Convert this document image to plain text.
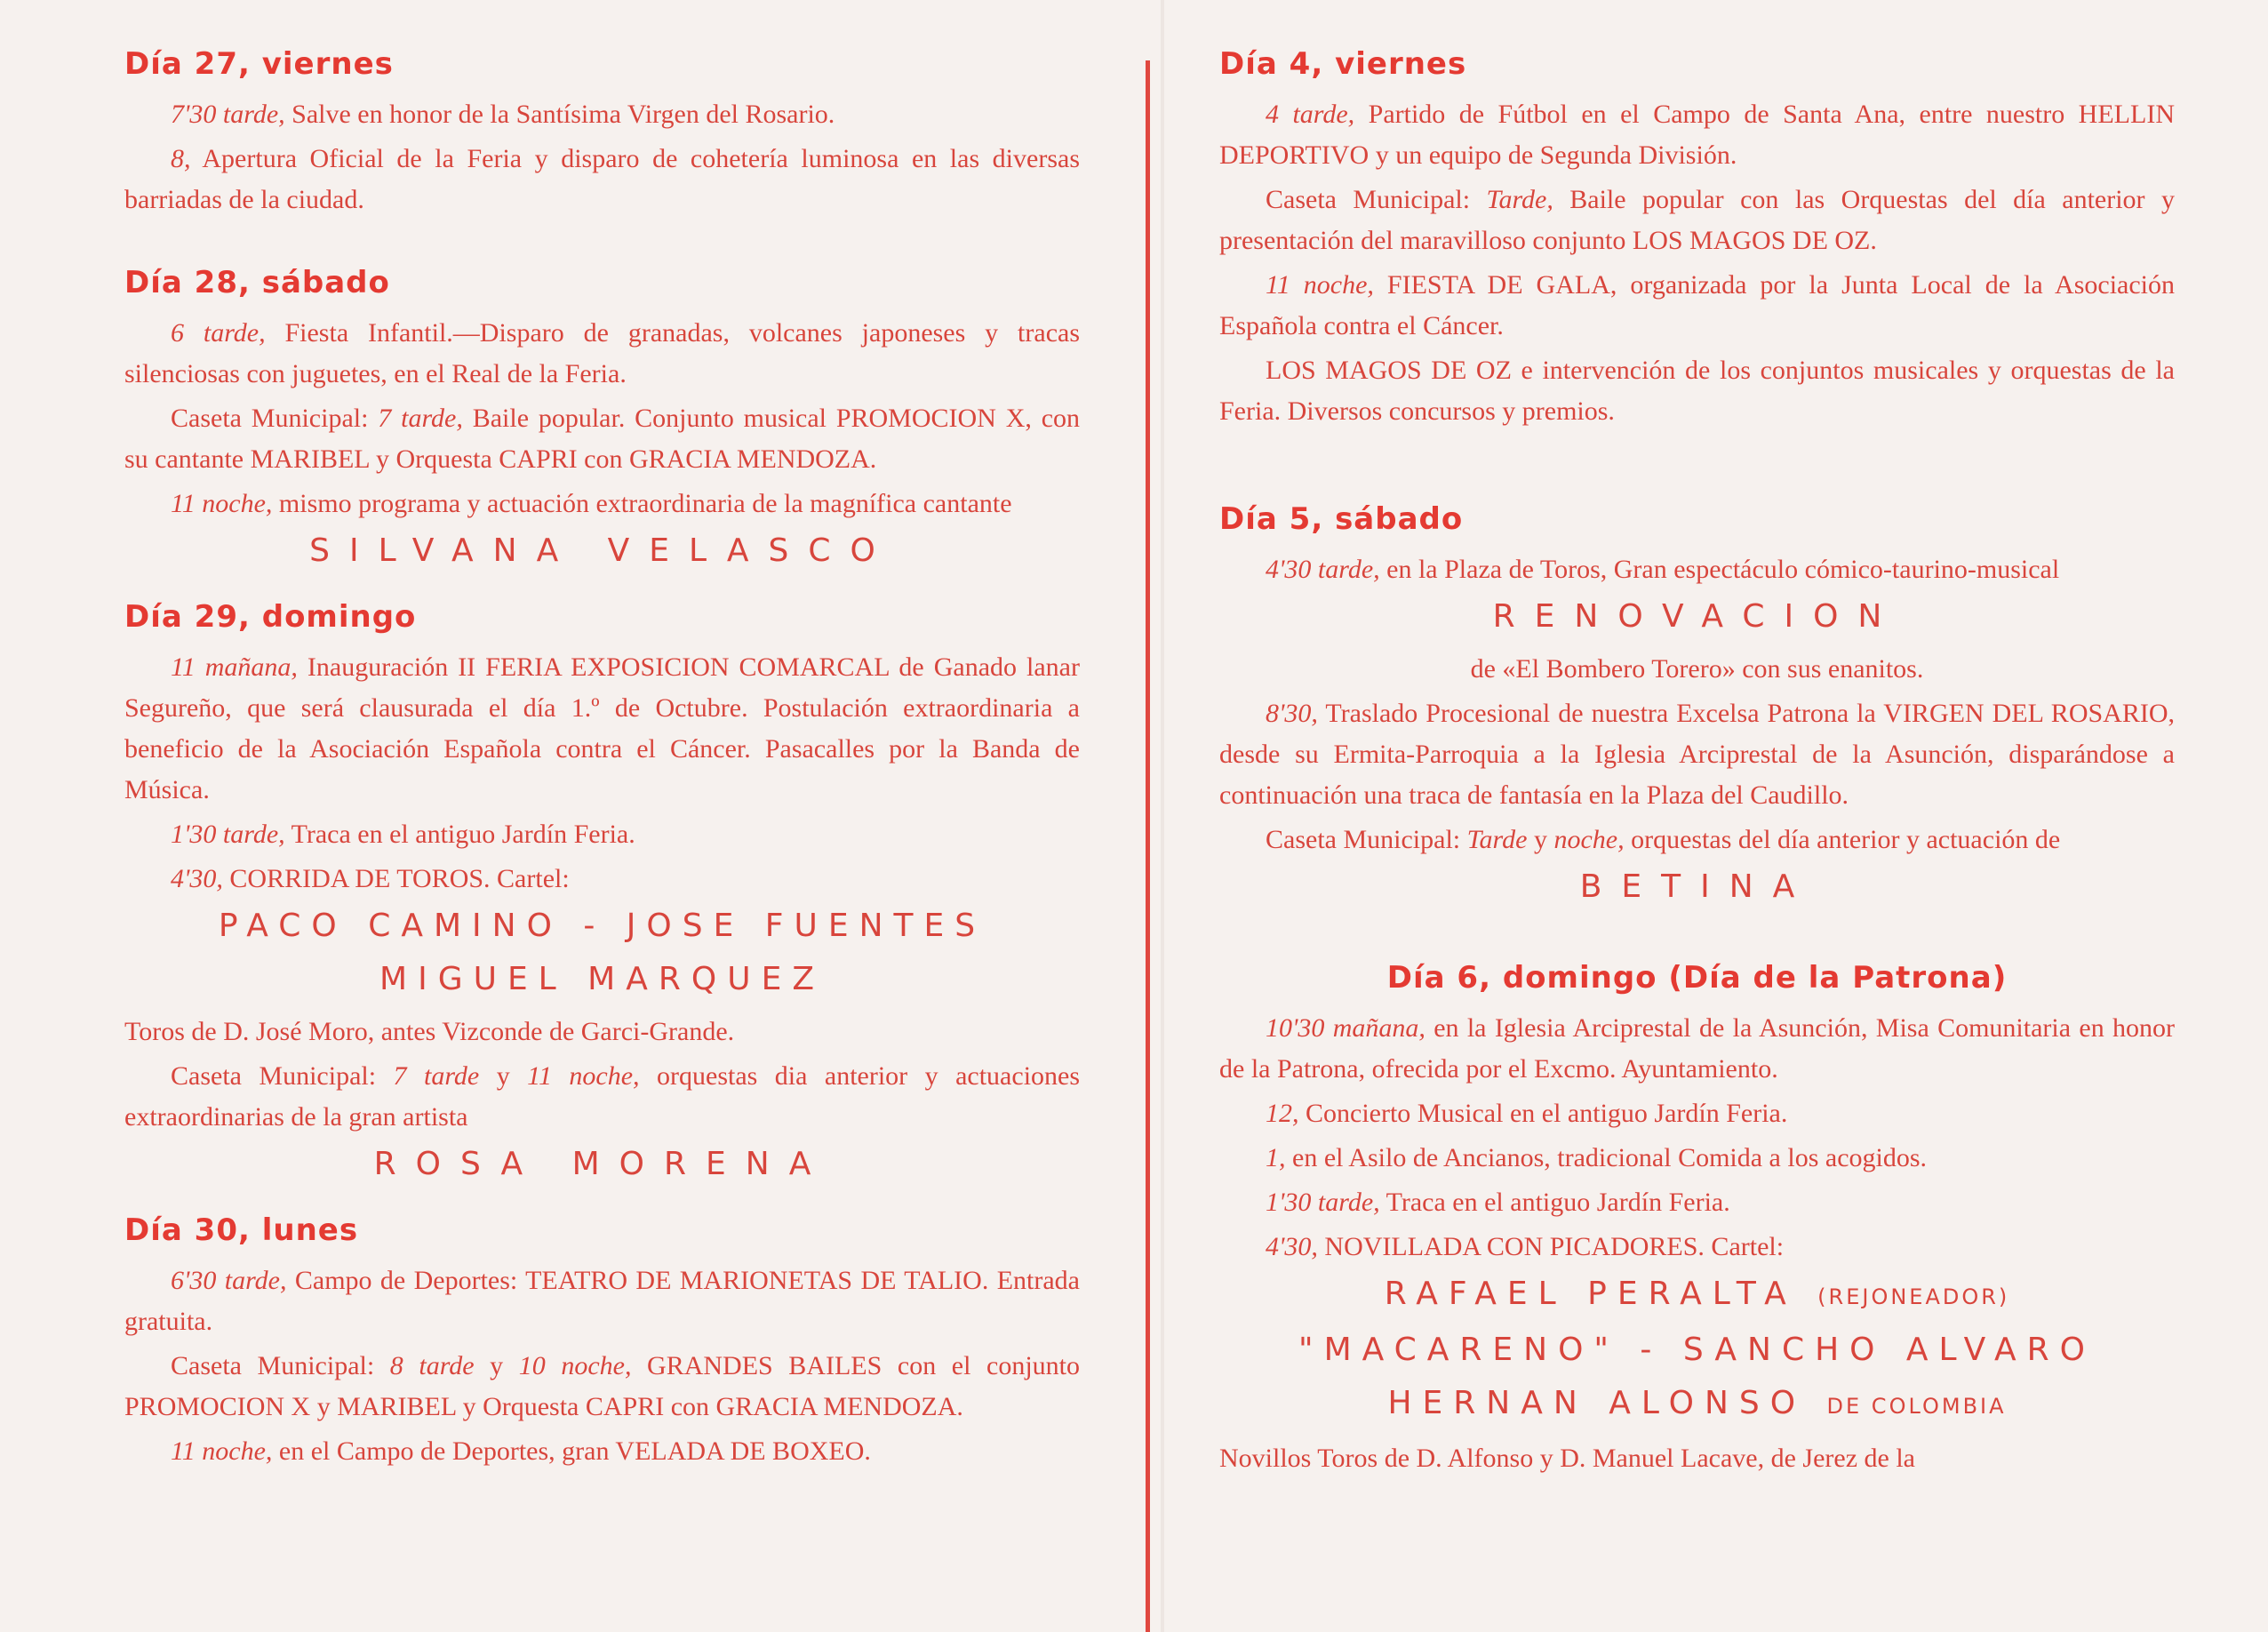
Día 27, viernes
7'30 tarde, Salve en honor de la Santísima Virgen del Rosario.
8, Apertura Oficial de la Feria y disparo de cohetería luminosa en las diversas barriadas de la ciudad.
Día 28, sábado
6 tarde, Fiesta Infantil.—Disparo de granadas, volcanes japoneses y tracas silenciosas con juguetes, en el Real de la Feria.
Caseta Municipal: 7 tarde, Baile popular. Conjunto musical PROMOCION X, con su cantante MARIBEL y Orquesta CAPRI con GRACIA MENDOZA.
11 noche, mismo programa y actuación extraordinaria de la magnífica cantante
SILVANA VELASCO
Día 29, domingo
11 mañana, Inauguración II FERIA EXPOSICION COMARCAL de Ganado lanar Segureño, que será clausurada el día 1.º de Octubre. Postulación extraordinaria a beneficio de la Asociación Española contra el Cáncer. Pasacalles por la Banda de Música.
1'30 tarde, Traca en el antiguo Jardín Feria.
4'30, CORRIDA DE TOROS. Cartel:
PACO CAMINO - JOSE FUENTES
MIGUEL MARQUEZ
Toros de D. José Moro, antes Vizconde de Garci-Grande.
Caseta Municipal: 7 tarde y 11 noche, orquestas dia anterior y actuaciones extraordinarias de la gran artista
ROSA MORENA
Día 30, lunes
6'30 tarde, Campo de Deportes: TEATRO DE MARIONETAS DE TALIO. Entrada gratuita.
Caseta Municipal: 8 tarde y 10 noche, GRANDES BAILES con el conjunto PROMOCION X y MARIBEL y Orquesta CAPRI con GRACIA MENDOZA.
11 noche, en el Campo de Deportes, gran VELADA DE BOXEO.
Día 4, viernes
4 tarde, Partido de Fútbol en el Campo de Santa Ana, entre nuestro HELLIN DEPORTIVO y un equipo de Segunda División.
Caseta Municipal: Tarde, Baile popular con las Orquestas del día anterior y presentación del maravilloso conjunto LOS MAGOS DE OZ.
11 noche, FIESTA DE GALA, organizada por la Junta Local de la Asociación Española contra el Cáncer.
LOS MAGOS DE OZ e intervención de los conjuntos musicales y orquestas de la Feria. Diversos concursos y premios.
Día 5, sábado
4'30 tarde, en la Plaza de Toros, Gran espectáculo cómico-taurino-musical
RENOVACION
de «El Bombero Torero» con sus enanitos.
8'30, Traslado Procesional de nuestra Excelsa Patrona la VIRGEN DEL ROSARIO, desde su Ermita-Parroquia a la Iglesia Arciprestal de la Asunción, disparándose a continuación una traca de fantasía en la Plaza del Caudillo.
Caseta Municipal: Tarde y noche, orquestas del día anterior y actuación de
BETINA
Día 6, domingo (Día de la Patrona)
10'30 mañana, en la Iglesia Arciprestal de la Asunción, Misa Comunitaria en honor de la Patrona, ofrecida por el Excmo. Ayuntamiento.
12, Concierto Musical en el antiguo Jardín Feria.
1, en el Asilo de Ancianos, tradicional Comida a los acogidos.
1'30 tarde, Traca en el antiguo Jardín Feria.
4'30, NOVILLADA CON PICADORES. Cartel:
RAFAEL PERALTA (REJONEADOR)
"MACARENO" - SANCHO ALVARO
HERNAN ALONSO DE COLOMBIA
Novillos Toros de D. Alfonso y D. Manuel Lacave, de Jerez de la
